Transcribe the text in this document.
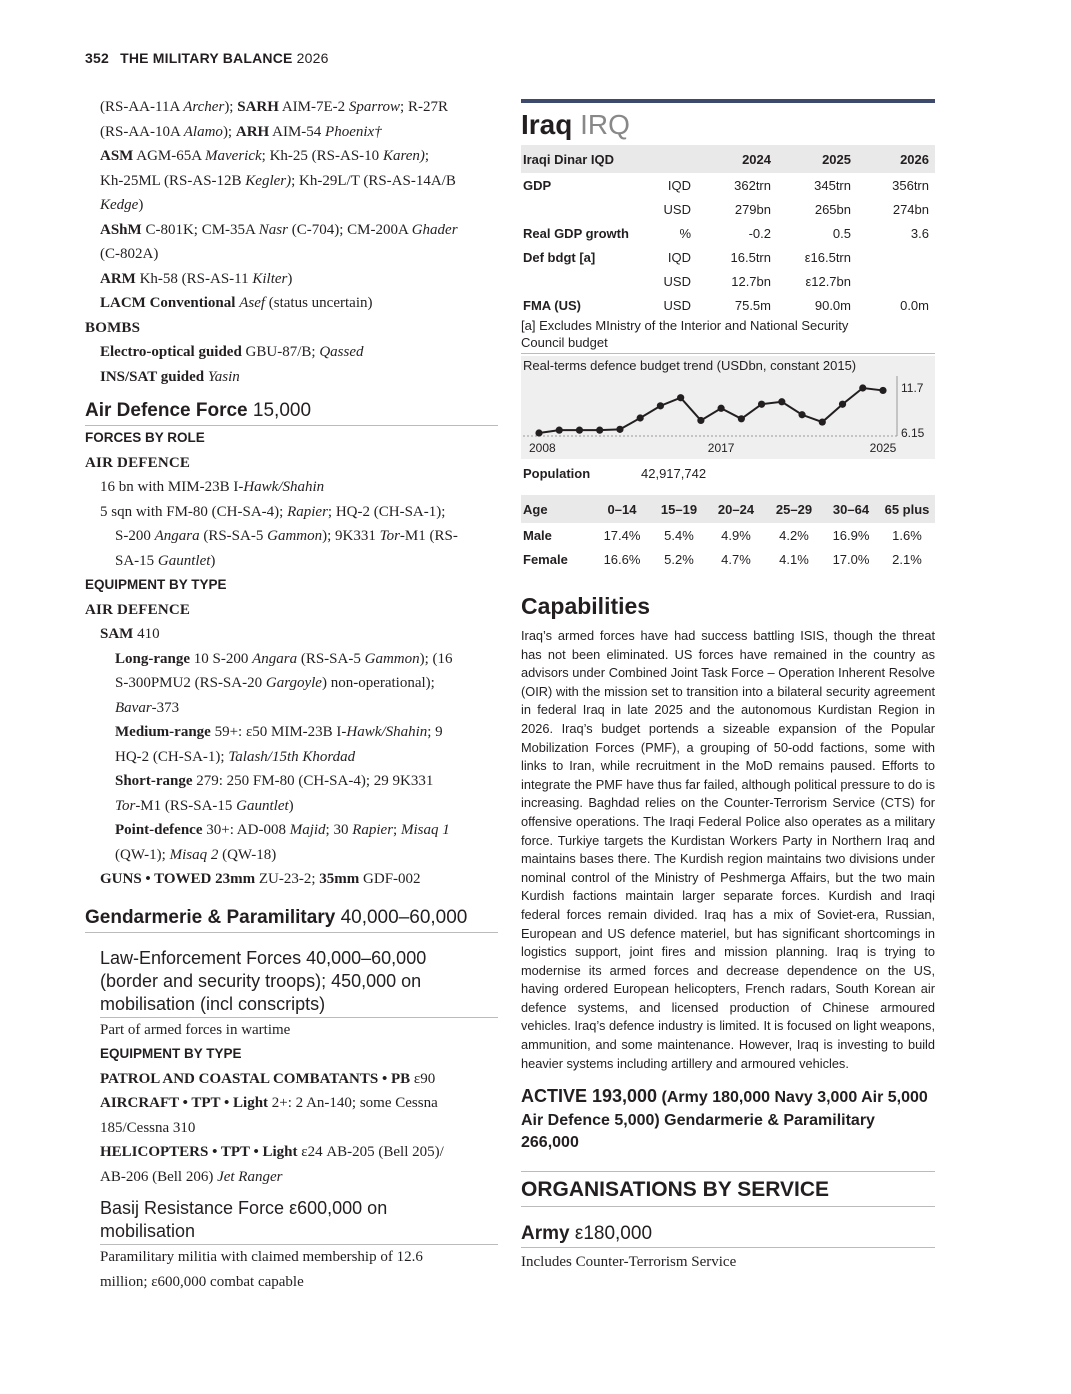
352 THE MILITARY BALANCE 2026
(RS-AA-11A Archer); SARH AIM-7E-2 Sparrow; R-27R
(RS-AA-10A Alamo); ARH AIM-54 Phoenix†
ASM AGM-65A Maverick; Kh-25 (RS-AS-10 Karen);
Kh-25ML (RS-AS-12B Kegler); Kh-29L/T (RS-AS-14A/B
Kedge)
AShM C-801K; CM-35A Nasr (C-704); CM-200A Ghader
(C-802A)
ARM Kh-58 (RS-AS-11 Kilter)
LACM Conventional Asef (status uncertain)
BOMBS
Electro-optical guided GBU-87/B; Qassed
INS/SAT guided Yasin
Air Defence Force 15,000
FORCES BY ROLE
AIR DEFENCE
16 bn with MIM-23B I-Hawk/Shahin
5 sqn with FM-80 (CH-SA-4); Rapier; HQ-2 (CH-SA-1);
S-200 Angara (RS-SA-5 Gammon); 9K331 Tor-M1 (RS-
SA-15 Gauntlet)
EQUIPMENT BY TYPE
AIR DEFENCE
SAM 410
Long-range 10 S-200 Angara (RS-SA-5 Gammon); (16
S-300PMU2 (RS-SA-20 Gargoyle) non-operational);
Bavar-373
Medium-range 59+: ε50 MIM-23B I-Hawk/Shahin; 9
HQ-2 (CH-SA-1); Talash/15th Khordad
Short-range 279: 250 FM-80 (CH-SA-4); 29 9K331
Tor-M1 (RS-SA-15 Gauntlet)
Point-defence 30+: AD-008 Majid; 30 Rapier; Misaq 1
(QW-1); Misaq 2 (QW-18)
GUNS • TOWED 23mm ZU-23-2; 35mm GDF-002
Gendarmerie & Paramilitary 40,000–60,000
Law-Enforcement Forces 40,000–60,000
(border and security troops); 450,000 on
mobilisation (incl conscripts)
Part of armed forces in wartime
EQUIPMENT BY TYPE
PATROL AND COASTAL COMBATANTS • PB ε90
AIRCRAFT • TPT • Light 2+: 2 An-140; some Cessna
185/Cessna 310
HELICOPTERS • TPT • Light ε24 AB-205 (Bell 205)/
AB-206 (Bell 206) Jet Ranger
Basij Resistance Force ε600,000 on
mobilisation
Paramilitary militia with claimed membership of 12.6
million; ε600,000 combat capable
Iraq IRQ
Iraqi Dinar IQD		2024	2025	2026
GDP	IQD	362trn	345trn	356trn
	USD	279bn	265bn	274bn
Real GDP growth	%	-0.2	0.5	3.6
Def bdgt [a]	IQD	16.5trn	ε16.5trn	
	USD	12.7bn	ε12.7bn	
FMA (US)	USD	75.5m	90.0m	0.0m
[a] Excludes MInistry of the Interior and National Security
Council budget
Real-terms defence budget trend (USDbn, constant 2015)
6.15
11.7
2008	2017	2025
Population	42,917,742
Age	0–14	15–19	20–24	25–29	30–64	65 plus
Male	17.4%	5.4%	4.9%	4.2%	16.9%	1.6%
Female	16.6%	5.2%	4.7%	4.1%	17.0%	2.1%
Capabilities
Iraq’s armed forces have had success battling ISIS, though the threat has not been eliminated. US forces have remained in the country as advisors under Combined Joint Task Force – Operation Inherent Resolve (OIR) with the mission set to transition into a bilateral security agreement in federal Iraq in late 2025 and the autonomous Kurdistan Region in 2026. Iraq’s budget portends a sizeable expansion of the Popular Mobilization Forces (PMF), a grouping of 50-odd factions, some with links to Iran, while recruitment in the MoD remains paused. Efforts to integrate the PMF have thus far failed, although political pressure to do is increasing. Baghdad relies on the Counter-Terrorism Service (CTS) for offensive operations. The Iraqi Federal Police also operates as a military force. Turkiye targets the Kurdistan Workers Party in Northern Iraq and maintains bases there. The Kurdish region maintains two divisions under nominal control of the Ministry of Peshmerga Affairs, but the two main Kurdish factions maintain larger separate forces. Kurdish and Iraqi federal forces remain divided. Iraq has a mix of Soviet-era, Russian, European and US defence materiel, but has significant shortcomings in logistics support, joint fires and mission planning. Iraq is trying to modernise its armed forces and decrease dependence on the US, having ordered European helicopters, French radars, South Korean air defence systems, and licensed production of Chinese armoured vehicles. Iraq’s defence industry is limited. It is focused on light weapons, ammunition, and some maintenance. However, Iraq is investing to build heavier systems including artillery and armoured vehicles.
ACTIVE 193,000 (Army 180,000 Navy 3,000 Air 5,000 Air Defence 5,000) Gendarmerie & Paramilitary 266,000
ORGANISATIONS BY SERVICE
Army ε180,000
Includes Counter-Terrorism Service
